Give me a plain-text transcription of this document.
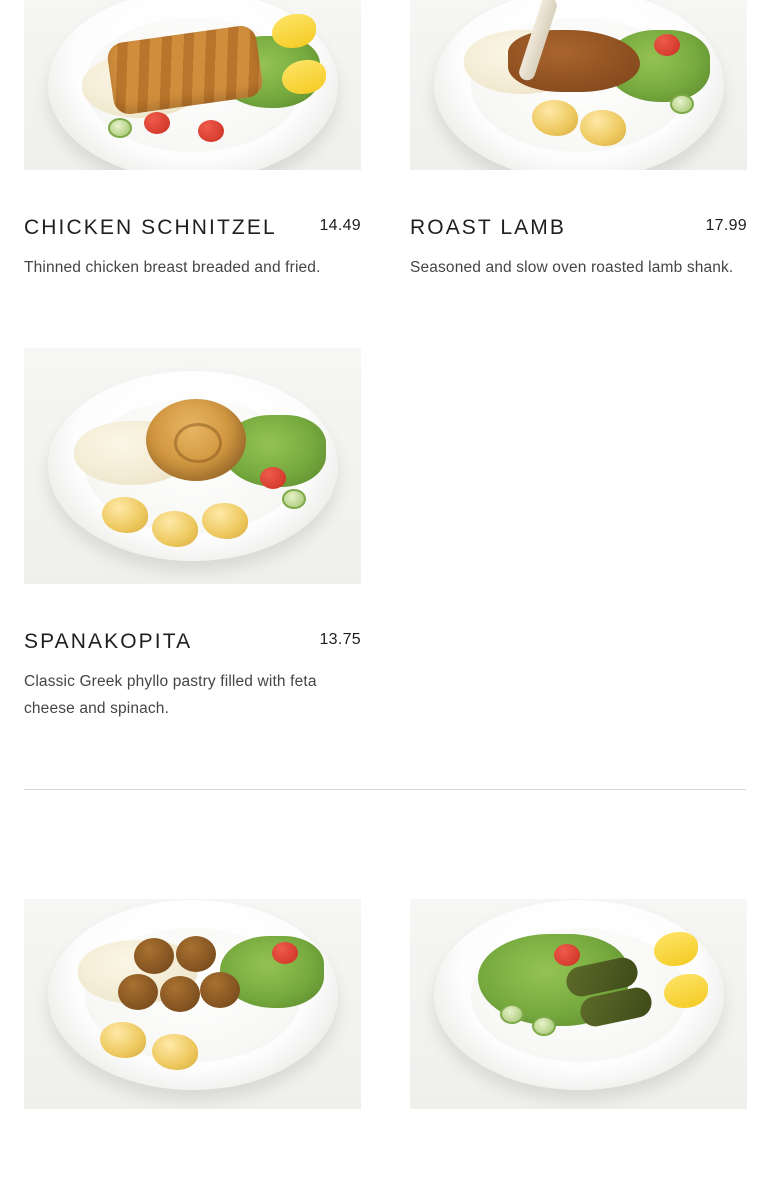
CHICKEN SCHNITZEL	14.49

Thinned chicken breast breaded and fried.

ROAST LAMB	17.99

Seasoned and slow oven roasted lamb shank.

SPANAKOPITA	13.75

Classic Greek phyllo pastry filled with feta cheese and spinach.
